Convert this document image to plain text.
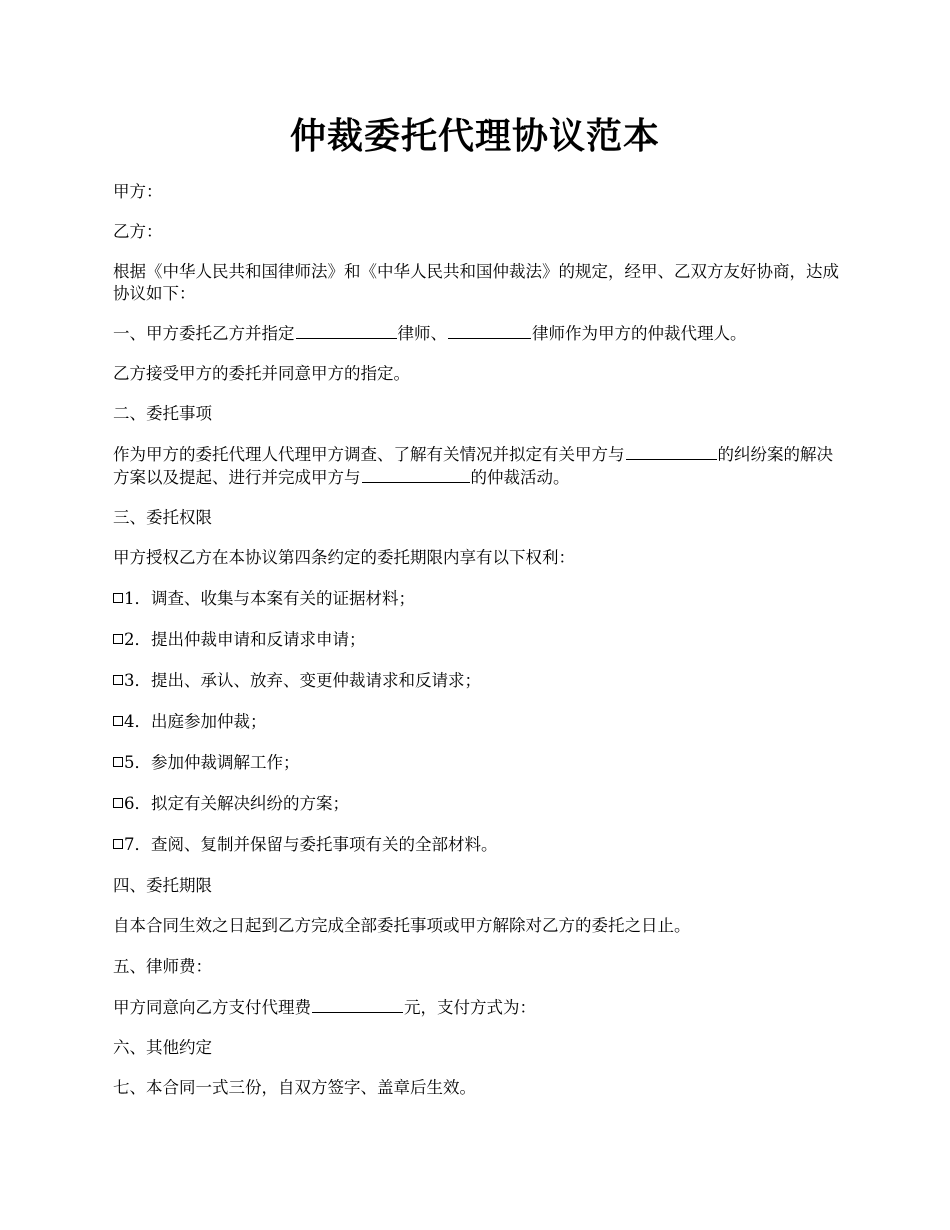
仲裁委托代理协议范本
甲方：
乙方：
根据《中华人民共和国律师法》和《中华人民共和国仲裁法》的规定，经甲、乙双方友好协商，达成协议如下：
一、甲方委托乙方并指定	律师、	律师作为甲方的仲裁代理人。
乙方接受甲方的委托并同意甲方的指定。
二、委托事项
作为甲方的委托代理人代理甲方调查、了解有关情况并拟定有关甲方与	的纠纷案的解决方案以及提起、进行并完成甲方与	的仲裁活动。
三、委托权限
甲方授权乙方在本协议第四条约定的委托期限内享有以下权利：
1．调查、收集与本案有关的证据材料；
2．提出仲裁申请和反请求申请；
3．提出、承认、放弃、变更仲裁请求和反请求；
4．出庭参加仲裁；
5．参加仲裁调解工作；
6．拟定有关解决纠纷的方案；
7．查阅、复制并保留与委托事项有关的全部材料。
四、委托期限
自本合同生效之日起到乙方完成全部委托事项或甲方解除对乙方的委托之日止。
五、律师费：
甲方同意向乙方支付代理费	元，支付方式为：
六、其他约定
七、本合同一式三份，自双方签字、盖章后生效。
